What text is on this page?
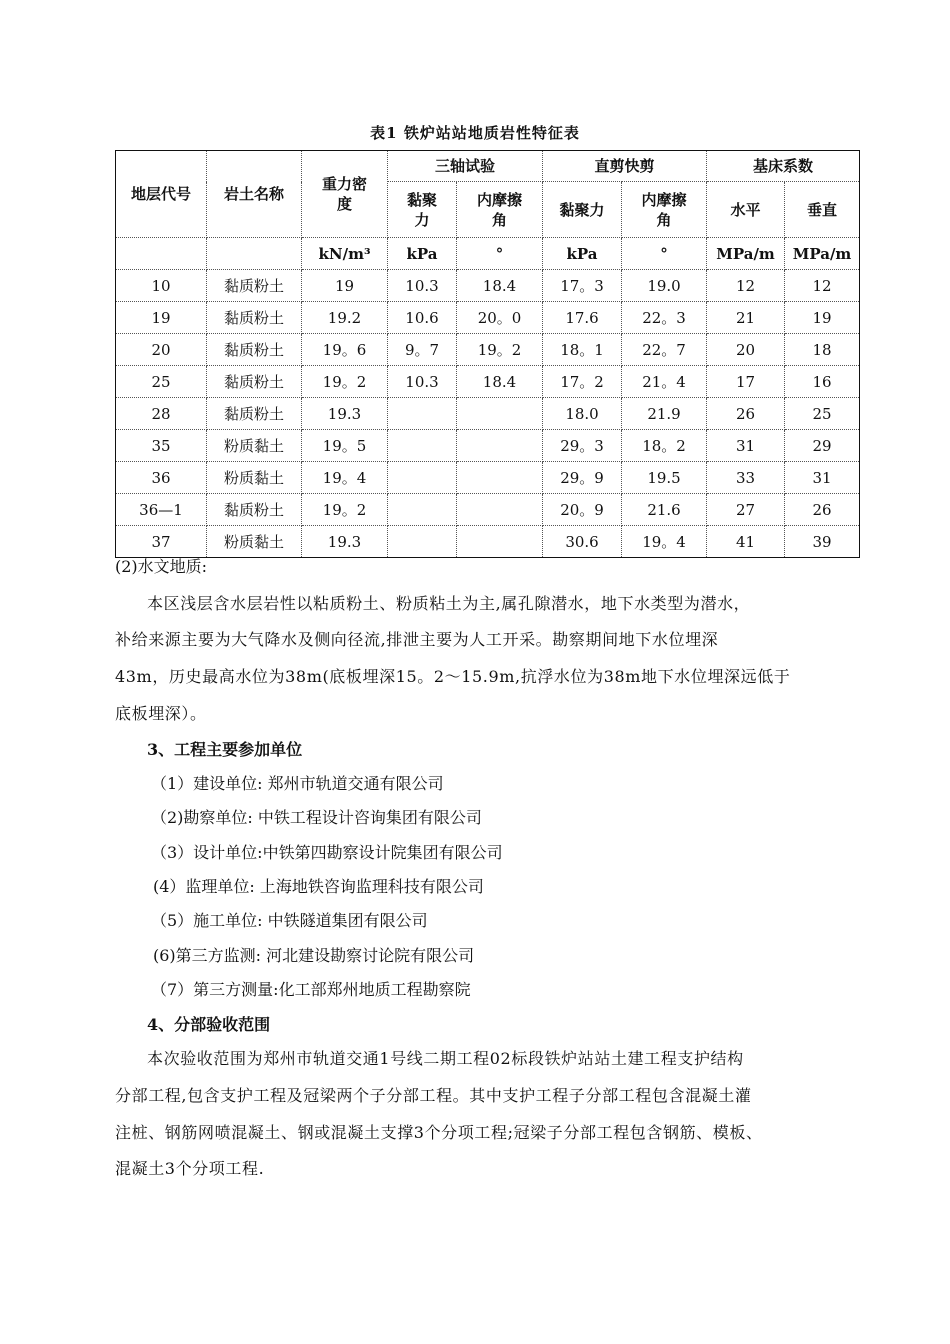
表1 铁炉站站地质岩性特征表
地层代号	岩土名称	重力密度	三轴试验		直剪快剪		基床系数	
			黏聚力	内摩擦角	黏聚力	内摩擦角	水平	垂直
		kN/m³	kPa	°	kPa	°	MPa/m	MPa/m
10	黏质粉土	19	10.3	18.4	17。3	19.0	12	12
19	黏质粉土	19.2	10.6	20。0	17.6	22。3	21	19
20	黏质粉土	19。6	9。7	19。2	18。1	22。7	20	18
25	黏质粉土	19。2	10.3	18.4	17。2	21。4	17	16
28	黏质粉土	19.3			18.0	21.9	26	25
35	粉质黏土	19。5			29。3	18。2	31	29
36	粉质黏土	19。4			29。9	19.5	33	31
36—1	黏质粉土	19。2			20。9	21.6	27	26
37	粉质黏土	19.3			30.6	19。4	41	39
(2)水文地质:
本区浅层含水层岩性以粘质粉土、粉质粘土为主,属孔隙潜水，地下水类型为潜水，
补给来源主要为大气降水及侧向径流,排泄主要为人工开采。勘察期间地下水位埋深
43m，历史最高水位为38m(底板埋深15。2～15.9m,抗浮水位为38m地下水位埋深远低于
底板埋深）。
3、工程主要参加单位
（1）建设单位: 郑州市轨道交通有限公司
（2)勘察单位: 中铁工程设计咨询集团有限公司
（3）设计单位:中铁第四勘察设计院集团有限公司
(4）监理单位: 上海地铁咨询监理科技有限公司
（5）施工单位: 中铁隧道集团有限公司
(6)第三方监测: 河北建设勘察讨论院有限公司
（7）第三方测量:化工部郑州地质工程勘察院
4、分部验收范围
本次验收范围为郑州市轨道交通1号线二期工程02标段铁炉站站土建工程支护结构
分部工程,包含支护工程及冠梁两个子分部工程。其中支护工程子分部工程包含混凝土灌
注桩、钢筋网喷混凝土、钢或混凝土支撑3个分项工程;冠梁子分部工程包含钢筋、模板、
混凝土3个分项工程.
